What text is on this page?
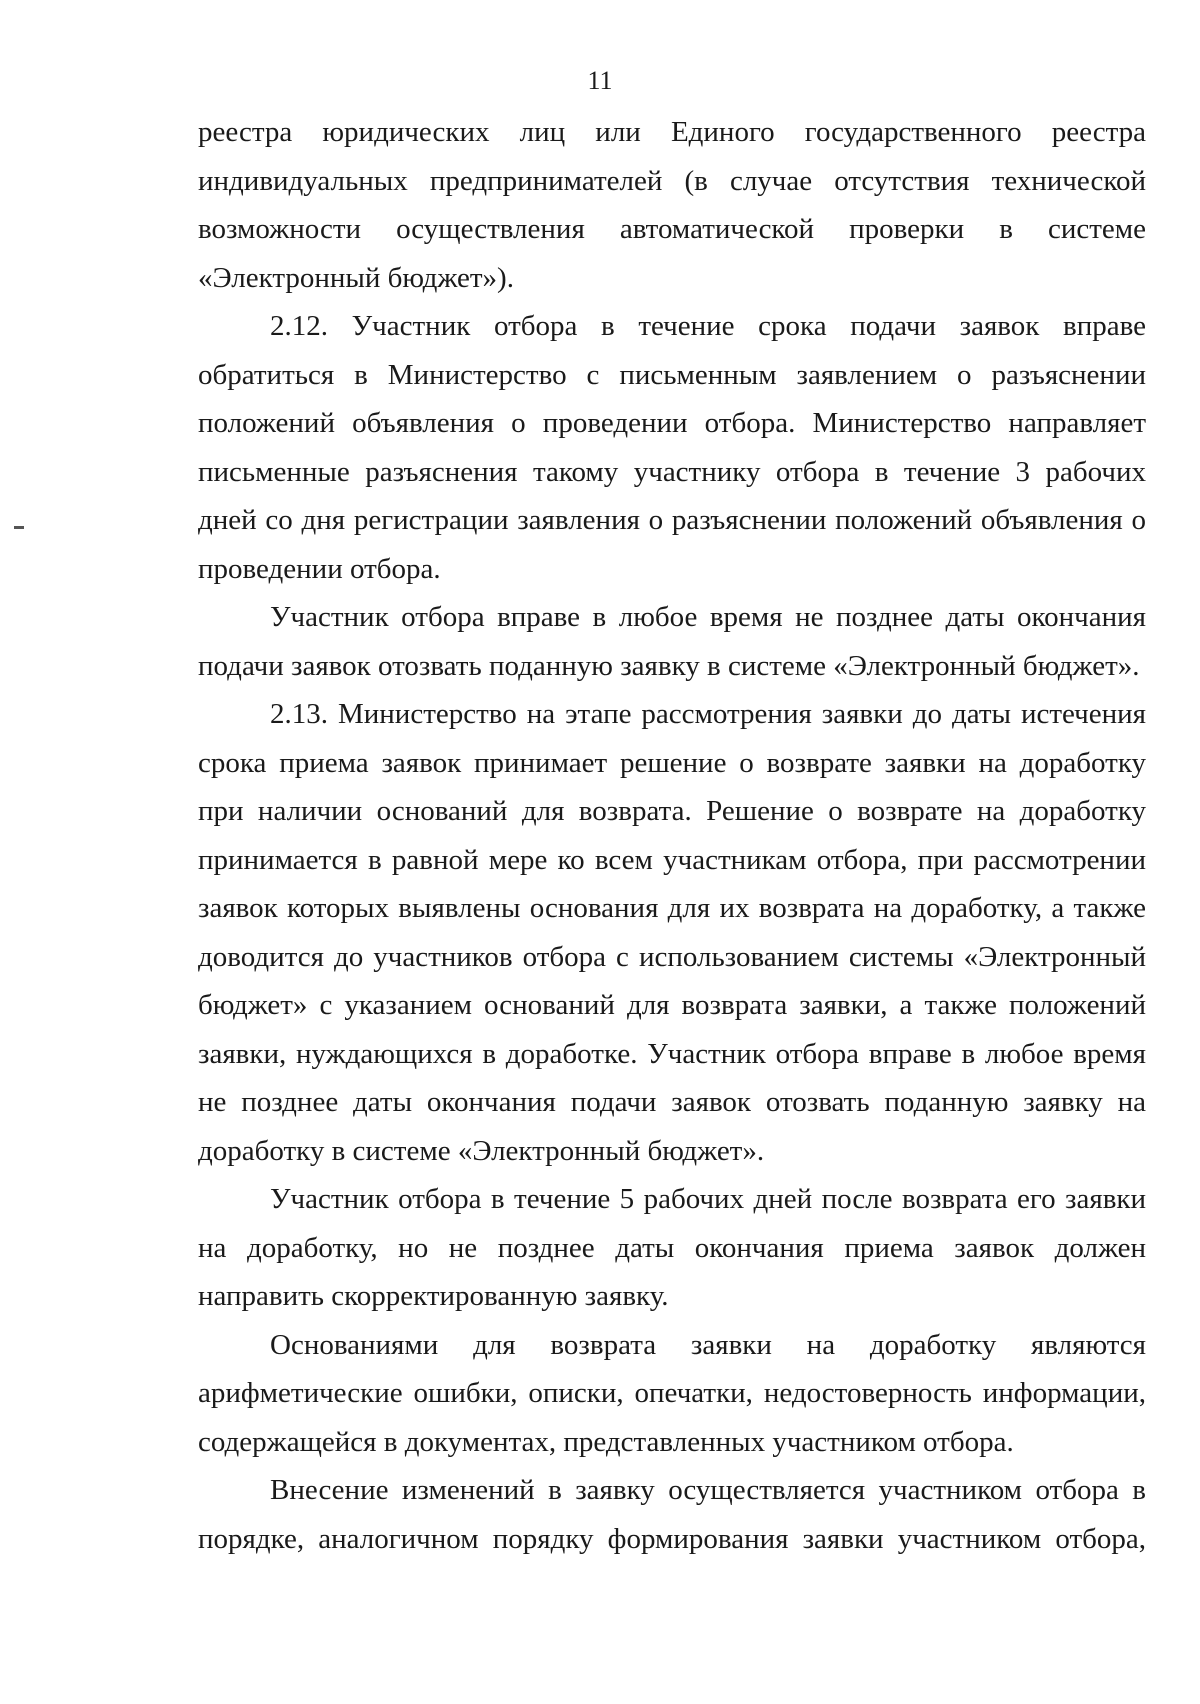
11

реестра юридических лиц или Единого государственного реестра индивидуальных предпринимателей (в случае отсутствия технической возможности осуществления автоматической проверки в системе «Электронный бюджет»).

2.12. Участник отбора в течение срока подачи заявок вправе обратиться в Министерство с письменным заявлением о разъяснении положений объявления о проведении отбора. Министерство направляет письменные разъяснения такому участнику отбора в течение 3 рабочих дней со дня регистрации заявления о разъяснении положений объявления о проведении отбора.

Участник отбора вправе в любое время не позднее даты окончания подачи заявок отозвать поданную заявку в системе «Электронный бюджет».

2.13. Министерство на этапе рассмотрения заявки до даты истечения срока приема заявок принимает решение о возврате заявки на доработку при наличии оснований для возврата. Решение о возврате на доработку принимается в равной мере ко всем участникам отбора, при рассмотрении заявок которых выявлены основания для их возврата на доработку, а также доводится до участников отбора с использованием системы «Электронный бюджет» с указанием оснований для возврата заявки, а также положений заявки, нуждающихся в доработке. Участник отбора вправе в любое время не позднее даты окончания подачи заявок отозвать поданную заявку на доработку в системе «Электронный бюджет».

Участник отбора в течение 5 рабочих дней после возврата его заявки на доработку, но не позднее даты окончания приема заявок должен направить скорректированную заявку.

Основаниями для возврата заявки на доработку являются арифметические ошибки, описки, опечатки, недостоверность информации, содержащейся в документах, представленных участником отбора.

Внесение изменений в заявку осуществляется участником отбора в порядке, аналогичном порядку формирования заявки участником отбора,
